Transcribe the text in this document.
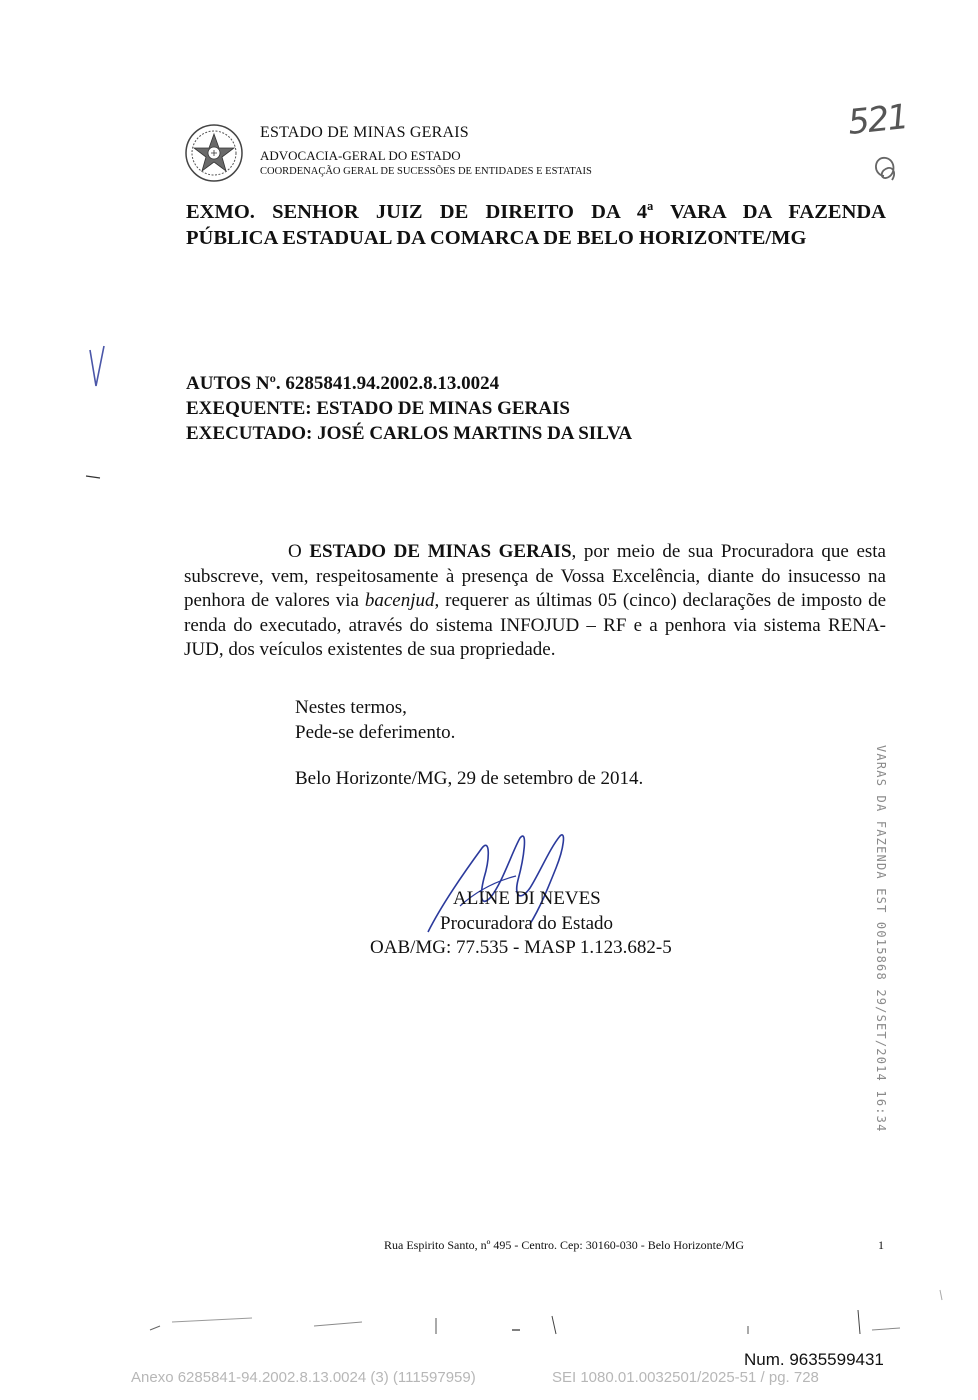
ESTADO DE MINAS GERAIS
ADVOCACIA-GERAL DO ESTADO
COORDENAÇÃO GERAL DE SUCESSÕES DE ENTIDADES E ESTATAIS
521
EXMO. SENHOR JUIZ DE DIREITO DA 4ª VARA DA FAZENDA
PÚBLICA ESTADUAL DA COMARCA DE BELO HORIZONTE/MG
AUTOS Nº. 6285841.94.2002.8.13.0024
EXEQUENTE: ESTADO DE MINAS GERAIS
EXECUTADO: JOSÉ CARLOS MARTINS DA SILVA
O ESTADO DE MINAS GERAIS, por meio de sua Procuradora que esta subscreve, vem, respeitosamente à presença de Vossa Excelência, diante do insucesso na penhora de valores via bacenjud, requerer as últimas 05 (cinco) declarações de imposto de renda do executado, através do sistema INFOJUD – RF e a penhora via sistema RENA-JUD, dos veículos existentes de sua propriedade.
Nestes termos,
Pede-se deferimento.
Belo Horizonte/MG, 29 de setembro de 2014.
ALINE DI NEVES
Procuradora do Estado
OAB/MG: 77.535 - MASP 1.123.682-5	VARAS DA FAZENDA EST 0015868 29/SET/2014 16:34
Rua Espirito Santo, nº 495 - Centro. Cep: 30160-030 - Belo Horizonte/MG	1
Num. 9635599431
Anexo 6285841-94.2002.8.13.0024 (3) (111597959)	SEI 1080.01.0032501/2025-51 / pg. 728
